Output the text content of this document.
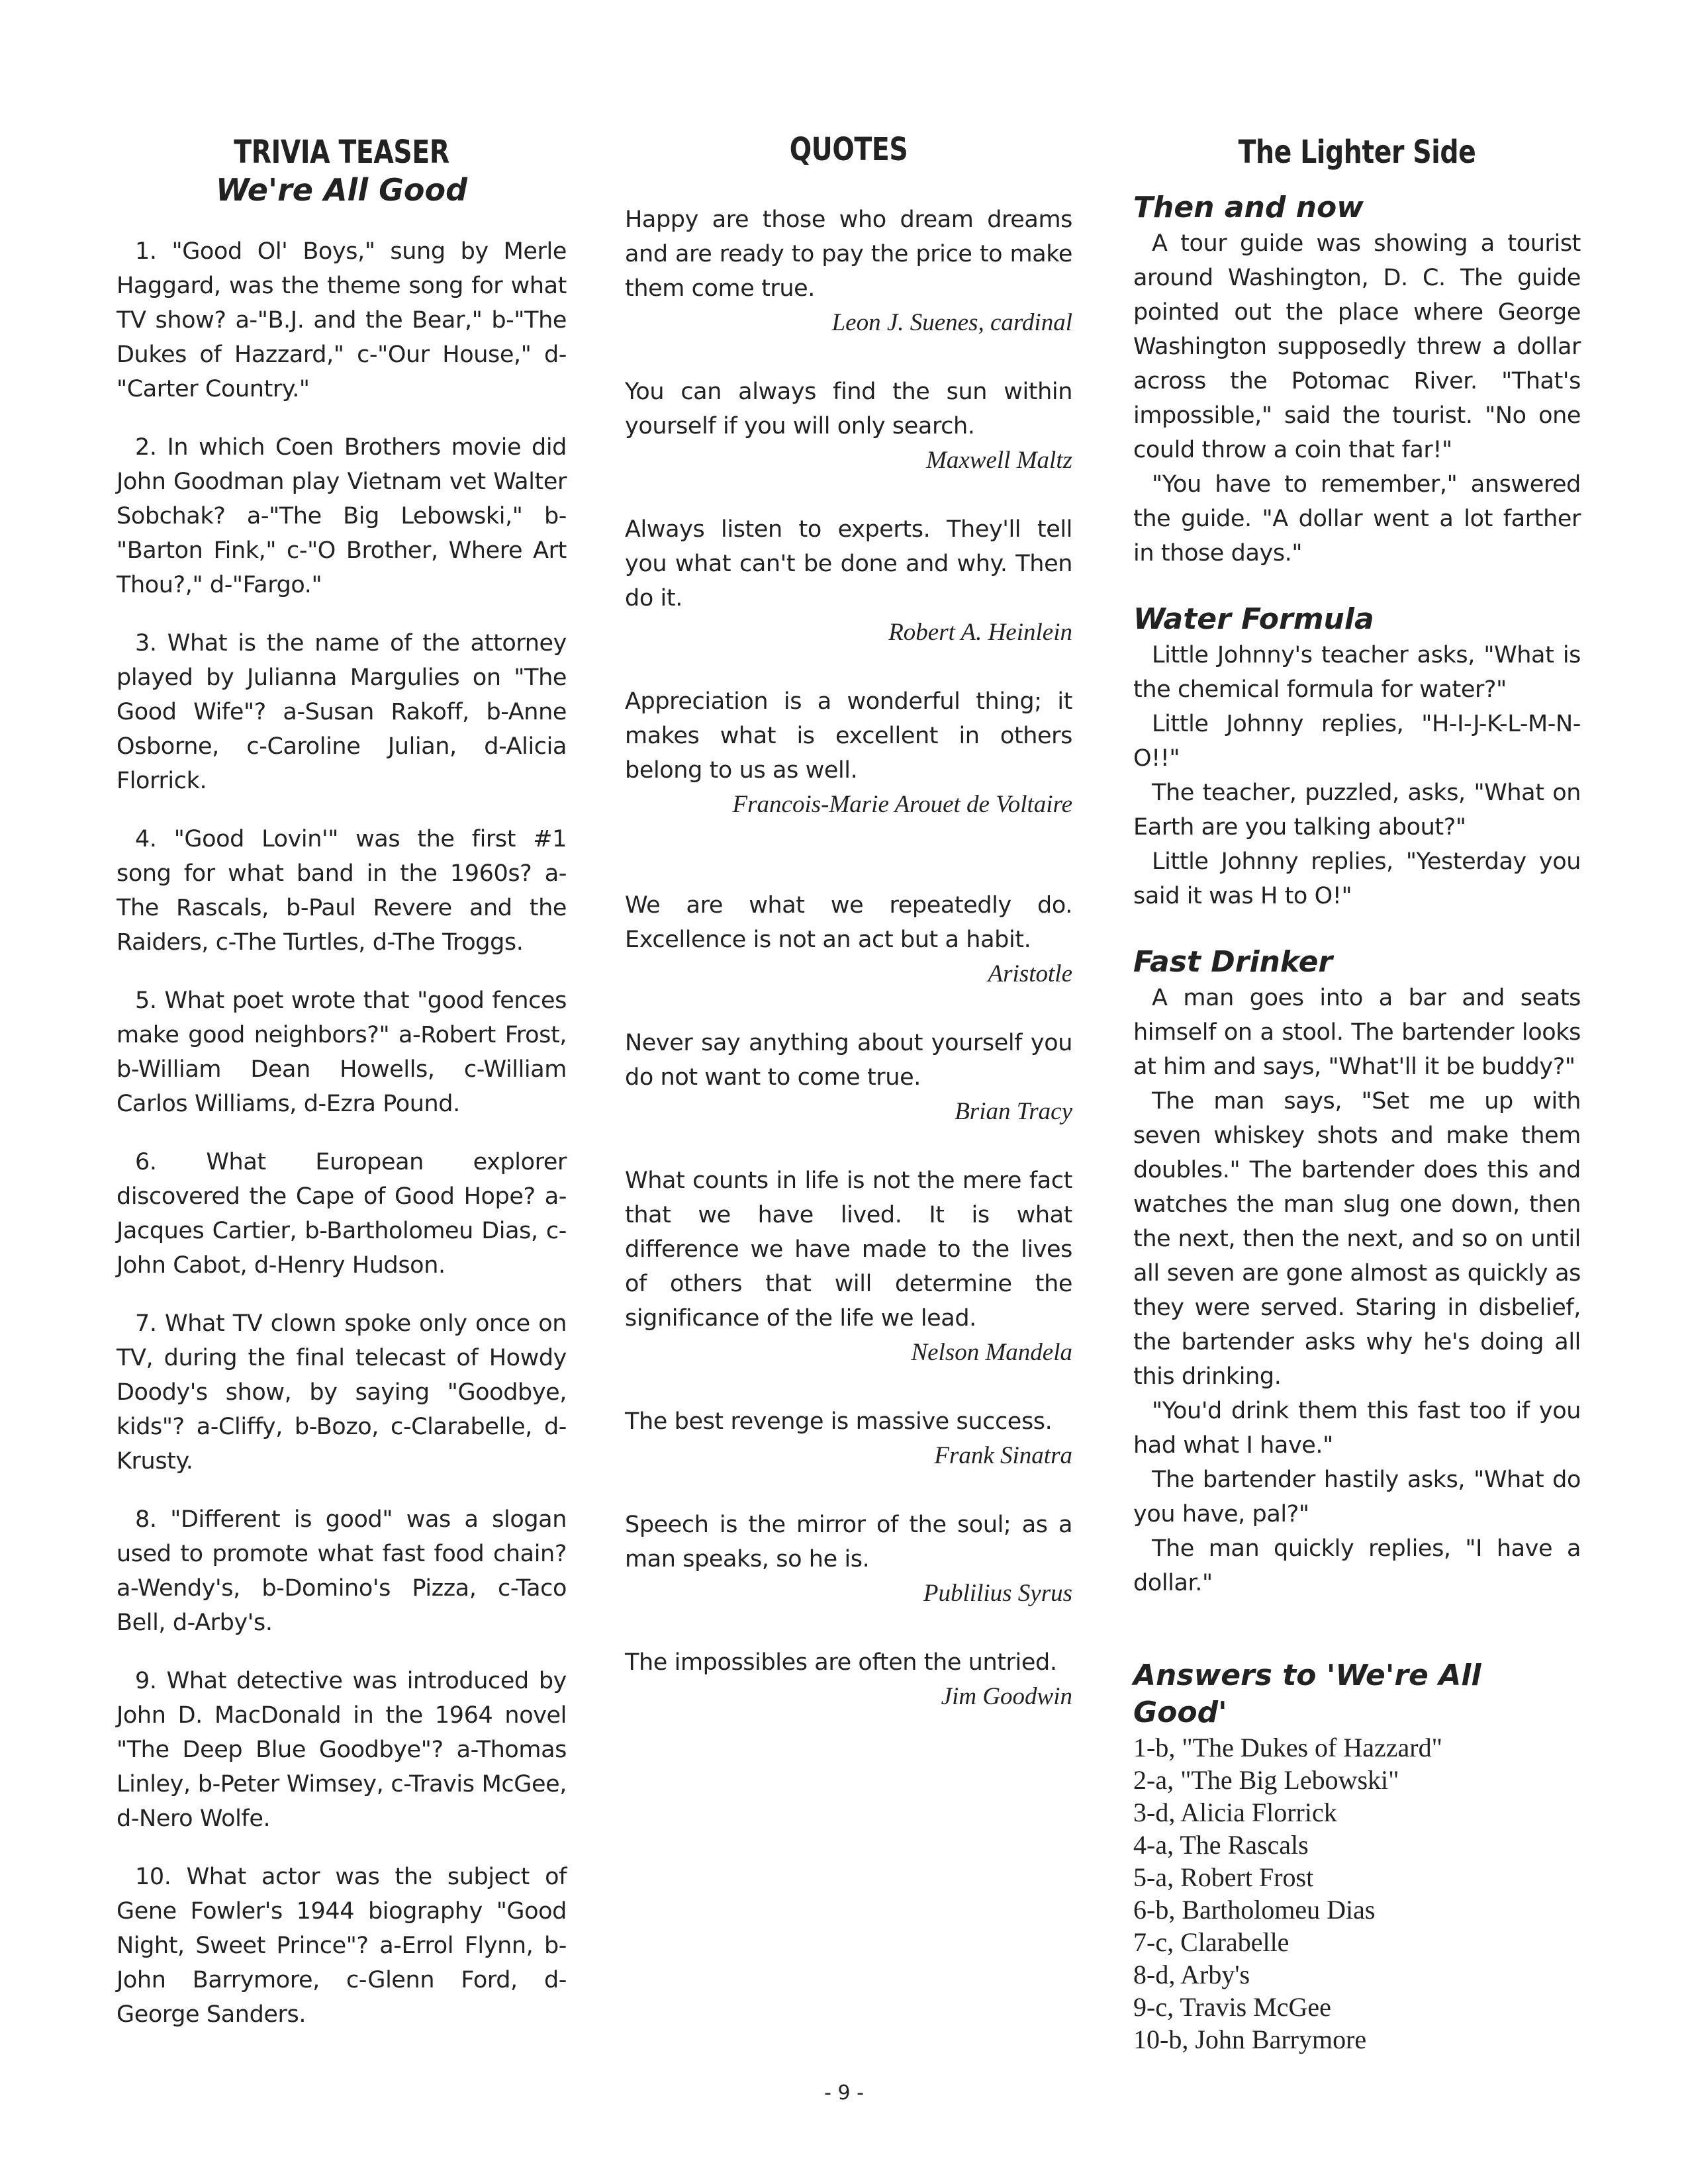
TRIVIA TEASER
We're All Good

1. "Good Ol' Boys," sung by Merle Haggard, was the theme song for what TV show? a-"B.J. and the Bear," b-"The Dukes of Hazzard," c-"Our House," d-"Carter Country."

2. In which Coen Brothers movie did John Goodman play Vietnam vet Walter Sobchak? a-"The Big Lebowski," b-"Barton Fink," c-"O Brother, Where Art Thou?," d-"Fargo."

3. What is the name of the attorney played by Julianna Margulies on "The Good Wife"? a-Susan Rakoff, b-Anne Osborne, c-Caroline Julian, d-Alicia Florrick.

4. "Good Lovin'" was the first #1 song for what band in the 1960s? a-The Rascals, b-Paul Revere and the Raiders, c-The Turtles, d-The Troggs.

5. What poet wrote that "good fences make good neighbors?" a-Robert Frost, b-William Dean Howells, c-William Carlos Williams, d-Ezra Pound.

6. What European explorer discovered the Cape of Good Hope? a-Jacques Cartier, b-Bartholomeu Dias, c-John Cabot, d-Henry Hudson.

7. What TV clown spoke only once on TV, during the final telecast of Howdy Doody's show, by saying "Goodbye, kids"? a-Cliffy, b-Bozo, c-Clarabelle, d-Krusty.

8. "Different is good" was a slogan used to promote what fast food chain? a-Wendy's, b-Domino's Pizza, c-Taco Bell, d-Arby's.

9. What detective was introduced by John D. MacDonald in the 1964 novel "The Deep Blue Goodbye"? a-Thomas Linley, b-Peter Wimsey, c-Travis McGee, d-Nero Wolfe.

10. What actor was the subject of Gene Fowler's 1944 biography "Good Night, Sweet Prince"? a-Errol Flynn, b-John Barrymore, c-Glenn Ford, d-George Sanders.

QUOTES

Happy are those who dream dreams and are ready to pay the price to make them come true.

Leon J. Suenes, cardinal

You can always find the sun within yourself if you will only search.

Maxwell Maltz

Always listen to experts. They'll tell you what can't be done and why. Then do it.

Robert A. Heinlein

Appreciation is a wonderful thing; it makes what is excellent in others belong to us as well.

Francois-Marie Arouet de Voltaire

We are what we repeatedly do. Excellence is not an act but a habit.

Aristotle

Never say anything about yourself you do not want to come true.

Brian Tracy

What counts in life is not the mere fact that we have lived. It is what difference we have made to the lives of others that will determine the significance of the life we lead.

Nelson Mandela

The best revenge is massive success.

Frank Sinatra

Speech is the mirror of the soul; as a man speaks, so he is.

Publilius Syrus

The impossibles are often the untried.

Jim Goodwin

The Lighter Side
Then and now

A tour guide was showing a tourist around Washington, D. C. The guide pointed out the place where George Washington supposedly threw a dollar across the Potomac River. "That's impossible," said the tourist. "No one could throw a coin that far!"

"You have to remember," answered the guide. "A dollar went a lot farther in those days."

Water Formula

Little Johnny's teacher asks, "What is the chemical formula for water?"

Little Johnny replies, "H-I-J-K-L-M-N-O!!"

The teacher, puzzled, asks, "What on Earth are you talking about?"

Little Johnny replies, "Yesterday you said it was H to O!"

Fast Drinker

A man goes into a bar and seats himself on a stool. The bartender looks at him and says, "What'll it be buddy?"

The man says, "Set me up with seven whiskey shots and make them doubles." The bartender does this and watches the man slug one down, then the next, then the next, and so on until all seven are gone almost as quickly as they were served. Staring in disbelief, the bartender asks why he's doing all this drinking.

"You'd drink them this fast too if you had what I have."

The bartender hastily asks, "What do you have, pal?"

The man quickly replies, "I have a dollar."

Answers to 'We're All Good'
1-b, "The Dukes of Hazzard"
2-a, "The Big Lebowski"
3-d, Alicia Florrick
4-a, The Rascals
5-a, Robert Frost
6-b, Bartholomeu Dias
7-c, Clarabelle
8-d, Arby's
9-c, Travis McGee
10-b, John Barrymore
- 9 -
